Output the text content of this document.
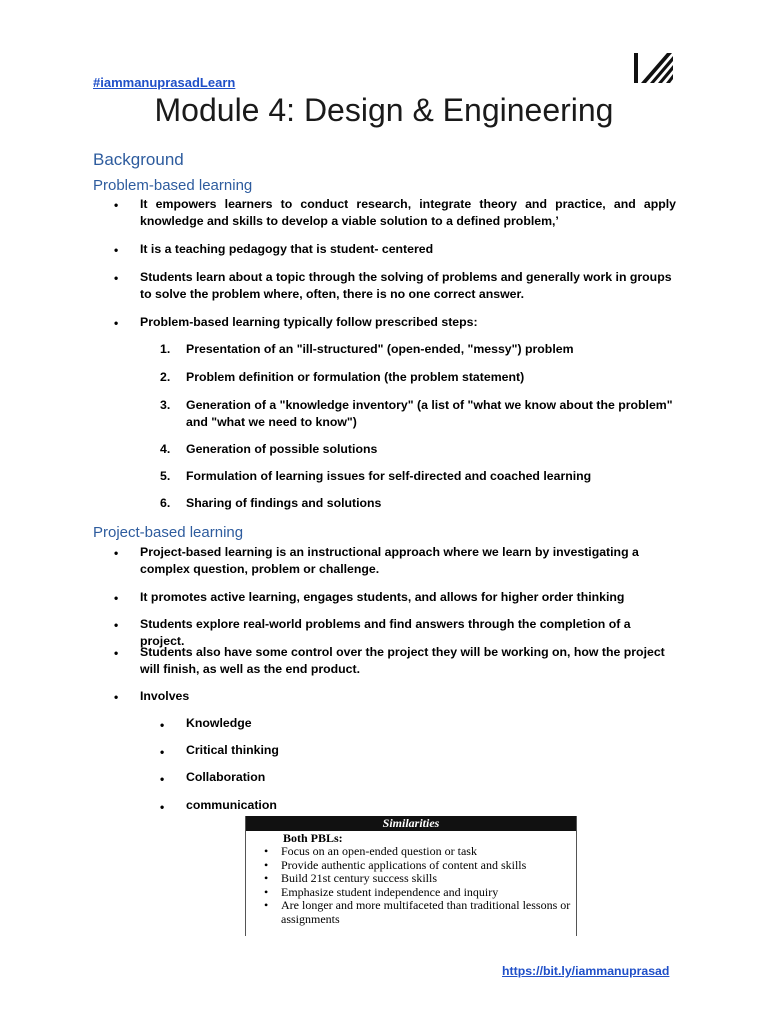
#iammanuprasadLearn
Module 4: Design & Engineering
Background
Problem-based learning
• It empowers learners to conduct research, integrate theory and practice, and apply knowledge and skills to develop a viable solution to a defined problem,’
• It is a teaching pedagogy that is student- centered
• Students learn about a topic through the solving of problems and generally work in groups to solve the problem where, often, there is no one correct answer.
• Problem-based learning typically follow prescribed steps:
1.	Presentation of an "ill-structured" (open-ended, "messy") problem
2.	Problem definition or formulation (the problem statement)
3.	Generation of a "knowledge inventory" (a list of "what we know about the problem" and "what we need to know")
4.	Generation of possible solutions
5.	Formulation of learning issues for self-directed and coached learning
6.	Sharing of findings and solutions
Project-based learning
• Project-based learning is an instructional approach where we learn by investigating a complex question, problem or challenge.
• It promotes active learning, engages students, and allows for higher order thinking
• Students explore real-world problems and find answers through the completion of a project.
• Students also have some control over the project they will be working on, how the project will finish, as well as the end product.
• Involves
• Knowledge
• Critical thinking
• Collaboration
• communication
Similarities
Both PBLs:
•	Focus on an open-ended question or task
•	Provide authentic applications of content and skills
•	Build 21st century success skills
•	Emphasize student independence and inquiry
•	Are longer and more multifaceted than traditional lessons or assignments
https://bit.ly/iammanuprasad
